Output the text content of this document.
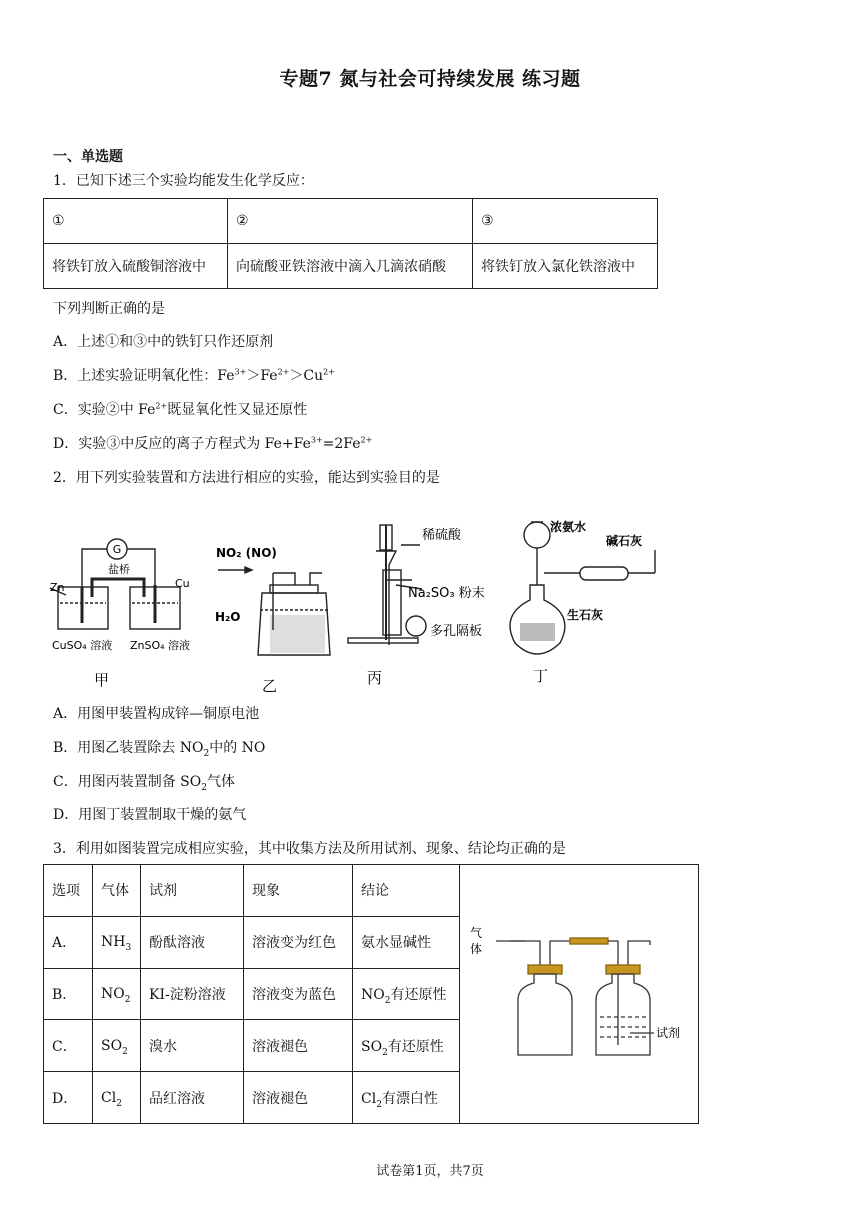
专题7 氮与社会可持续发展 练习题
一、单选题
1．已知下述三个实验均能发生化学反应：
①	②	③
将铁钉放入硫酸铜溶液中	向硫酸亚铁溶液中滴入几滴浓硝酸	将铁钉放入氯化铁溶液中
下列判断正确的是
A．上述①和③中的铁钉只作还原剂
B．上述实验证明氧化性：$Fe^{3+}>Fe^{2+}>Cu^{2+}$
C．实验②中 $Fe^{2+}$既显氧化性又显还原性
D．实验③中反应的离子方程式为 $Fe+Fe^{3+}=2Fe^{2+}$
2．用下列实验装置和方法进行相应的实验，能达到实验目的是
G
盐桥
Zn	Cu
CuSO₄ 溶液 ZnSO₄ 溶液
NO₂ (NO)
H₂O
稀硫酸
Na₂SO₃ 粉末
多孔隔板
浓氨水
碱石灰
生石灰
甲	乙	丙	丁
A．用图甲装置构成锌—铜原电池
B．用图乙装置除去 $NO_2$中的 NO
C．用图丙装置制备 $SO_2$气体
D．用图丁装置制取干燥的氨气
3．利用如图装置完成相应实验，其中收集方法及所用试剂、现象、结论均正确的是
选项	气体	试剂	现象	结论	气
体
试剂

A．	$NH_3$	酚酞溶液	溶液变为红色	氨水显碱性	
B．	$NO_2$	KI-淀粉溶液	溶液变为蓝色	$NO_2$有还原性	
C．	$SO_2$	溴水	溶液褪色	$SO_2$有还原性	
D．	$Cl_2$	品红溶液	溶液褪色	$Cl_2$有漂白性	
试卷第1页，共7页
